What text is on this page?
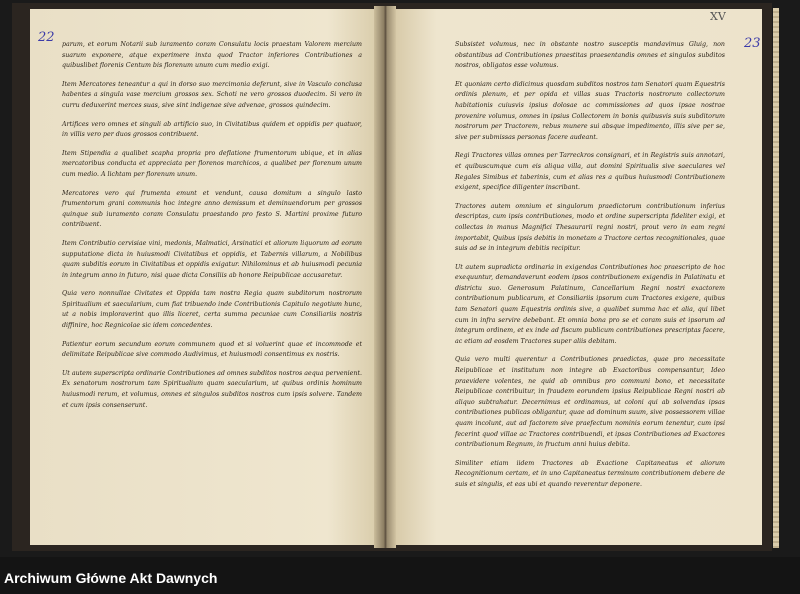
22	23
XV

parum, et eorum Notarii sub iuramento coram Consulatu locis praestam Valorem mercium suarum exponere, atque experimere inxta quod Tractor inferiores Contributiones a quibuslibet florenis Centum bis florenum unum cum medio exigi.

Item Mercatores teneantur a qui in dorso suo mercimonia deferunt, sive in Vasculo conclusa habentes a singula vase mercium grossos sex. Schoti ne vero grossos duodecim. Si vero in curru deduxerint merces suas, sive sint indigenae sive advenae, grossos quindecim.

Artifices vero omnes et singuli ab artificio suo, in Civitatibus quidem et oppidis per quatuor, in villis vero per duos grossos contribuent.

Item Stipendia a qualibet scapha propria pro deflatione frumentorum ubique, et in alias mercatoribus conducta et appreciata per florenos marchicos, a qualibet per florenum unum cum medio. A lichtam per florenum unum.

Mercatores vero qui frumenta emunt et vendunt, causa domitum a singulo lasto frumentorum grani communis hoc integre anno demissum et deminuendorum per grossos quinque sub iuramento coram Consulatu praestando pro festo S. Martini proxime futuro contribuent.

Item Contributio cervisiae vini, medonis, Malmatici, Arsinatici et aliorum liquorum ad eorum supputatione dicta in huiusmodi Civitatibus et oppidis, et Tabernis villarum, a Nobilibus quam subditis eorum in Civitatibus et oppidis exigatur. Nihilominus et ab huiusmodi pecunia in integrum anno in futuro, nisi quae dicta Consiliis ab honore Reipublicae accusaretur.

Quia vero nonnullae Civitates et Oppida tam nostra Regia quam subditorum nostrorum Spiritualium et saecularium, cum fiat tribuendo inde Contributionis Capitulo negotium hunc, ut a nobis imploraverint quo illis liceret, certa summa pecuniae cum Consiliariis nostris diffinire, hoc Regnicolae sic idem concedentes.

Patientur eorum secundum eorum communem quod et si voluerint quae et incommode et delimitate Reipublicae sive commodo Audivimus, et huiusmodi consentimus ex nostris.

Ut autem superscripta ordinarie Contributiones ad omnes subditos nostros aequa pervenient. Ex senatorum nostrorum tam Spiritualium quam saecularium, ut quibus ordinis hominum huiusmodi rerum, et volumus, omnes et singulos subditos nostros cum ipsis solvere. Tandem et cum ipsis consenserunt.

Subsistet volumus, nec in obstante nostro susceptis mandavimus Gluig, non obstantibus ad Contributiones praestitas praesentandis omnes et singulos subditos nostros, obligatos esse volumus.

Et quoniam certo didicimus quosdam subditos nostros tam Senatori quam Equestris ordinis plenum, et per opida et villas suas Tractoris nostrorum collectorum habitationis cuiusvis ipsius dolosae ac commissiones ad quos ipsae nostrae provenire volumus, omnes in ipsius Collectorem in bonis quibusvis suis subditorum nostrorum per Tractorem, rebus munere sui absque impedimento, illis sive per se, sive per submissas personas facere audeant.

Regi Tractores villas omnes per Tarreckros consignari, et in Registris suis annotari, et quibuscumque cum eis aliqua villa, aut domini Spiritualis sive saeculares vel Regales Simibus et taberinis, cum et alias res a quibus huiusmodi Contributionem exigent, specifice diligenter inscribant.

Tractores autem omnium et singulorum praedictorum contributionum inferius descriptas, cum ipsis contributiones, modo et ordine superscripta fideliter exigi, et collectas in manus Magnifici Thesaurarii regni nostri, prout vero in eam regni importabit, Quibus ipsis debitis in monetam a Tractore certos recognitionales, quae suis ad se in integrum debitis recipitur.

Ut autem supradicta ordinaria in exigendas Contributiones hoc praescripto de hoc exequuntur, demandaverunt eodem ipsos contributionem exigendis in Palatinatu et districtu suo. Generosum Palatinum, Cancellarium Regni nostri exactorem contributionum publicarum, et Consiliariis ipsorum cum Tractores exigere, quibus tam Senatori quam Equestris ordinis sive, a qualibet summa hac et alia, qui libet cum in infra servire debebant. Et omnia bona pro se et coram suis et ipsorum ad integrum ordinem, et ex inde ad fiscum publicum contributiones prescriptas facere, ac etiam ad eosdem Tractores super aliis debitam.

Quia vero multi querentur a Contributiones praedictas, quae pro necessitate Reipublicae et institutum non integre ab Exactoribus compensantur, Ideo praevidere volentes, ne quid ab omnibus pro communi bono, et necessitate Reipublicae contribuitur, in fraudem eorundem ipsius Reipublicae Regni nostri ab aliquo subtrahatur. Decernimus et ordinamus, ut coloni qui ab solvendas ipsas contributiones publicas obligantur, quae ad dominum suum, sive possessorem villae quam incolunt, aut ad factorem sive praefectum nominis eorum tenentur, cum ipsi fecerint quod villae ac Tractores contribuendi, et ipsas Contributiones ad Exactores contributionum Regnum, in fructum anni huius debita.

Similiter etiam iidem Tractores ab Exactione Capitaneatus et aliorum Recognitionum certam, et in uno Capitaneatus terminum contributionem debere de suis et singulis, et eas ubi et quando reverentur deponere.

Archiwum Główne Akt Dawnych
